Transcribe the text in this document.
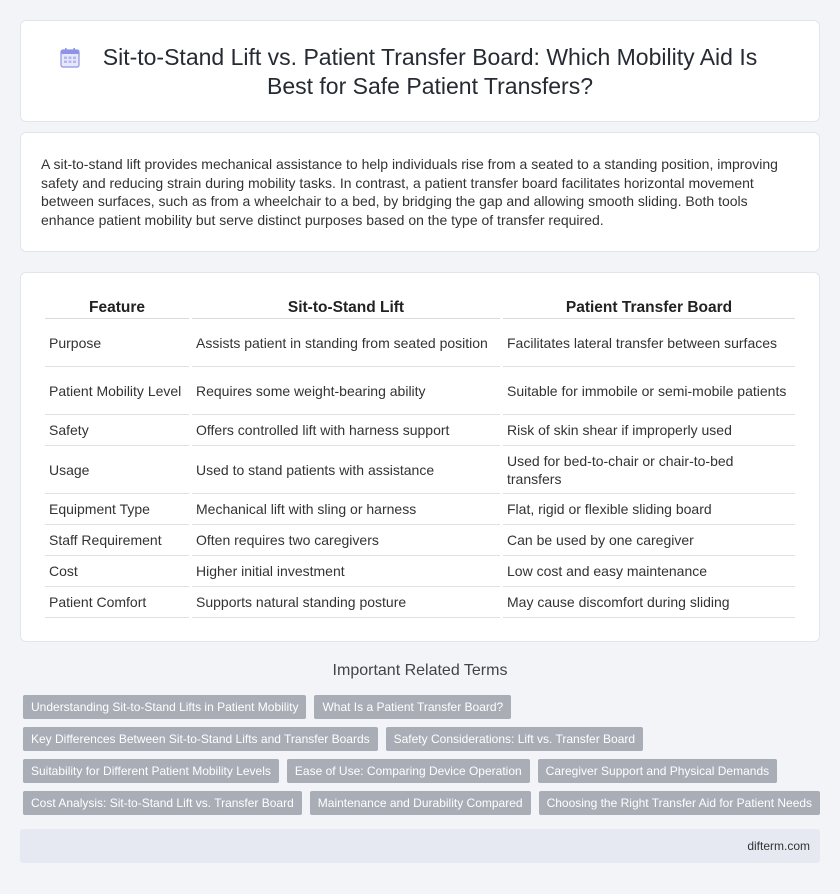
Sit-to-Stand Lift vs. Patient Transfer Board: Which Mobility Aid Is Best for Safe Patient Transfers?

A sit-to-stand lift provides mechanical assistance to help individuals rise from a seated to a standing position, improving safety and reducing strain during mobility tasks. In contrast, a patient transfer board facilitates horizontal movement between surfaces, such as from a wheelchair to a bed, by bridging the gap and allowing smooth sliding. Both tools enhance patient mobility but serve distinct purposes based on the type of transfer required.

Feature	Sit-to-Stand Lift	Patient Transfer Board
Purpose	Assists patient in standing from seated position	Facilitates lateral transfer between surfaces
Patient Mobility Level	Requires some weight-bearing ability	Suitable for immobile or semi-mobile patients
Safety	Offers controlled lift with harness support	Risk of skin shear if improperly used
Usage	Used to stand patients with assistance	Used for bed-to-chair or chair-to-bed transfers
Equipment Type	Mechanical lift with sling or harness	Flat, rigid or flexible sliding board
Staff Requirement	Often requires two caregivers	Can be used by one caregiver
Cost	Higher initial investment	Low cost and easy maintenance
Patient Comfort	Supports natural standing posture	May cause discomfort during sliding
Important Related Terms
Understanding Sit-to-Stand Lifts in Patient Mobility	What Is a Patient Transfer Board?
Key Differences Between Sit-to-Stand Lifts and Transfer Boards	Safety Considerations: Lift vs. Transfer Board
Suitability for Different Patient Mobility Levels	Ease of Use: Comparing Device Operation	Caregiver Support and Physical Demands
Cost Analysis: Sit-to-Stand Lift vs. Transfer Board	Maintenance and Durability Compared	Choosing the Right Transfer Aid for Patient Needs
difterm.com
